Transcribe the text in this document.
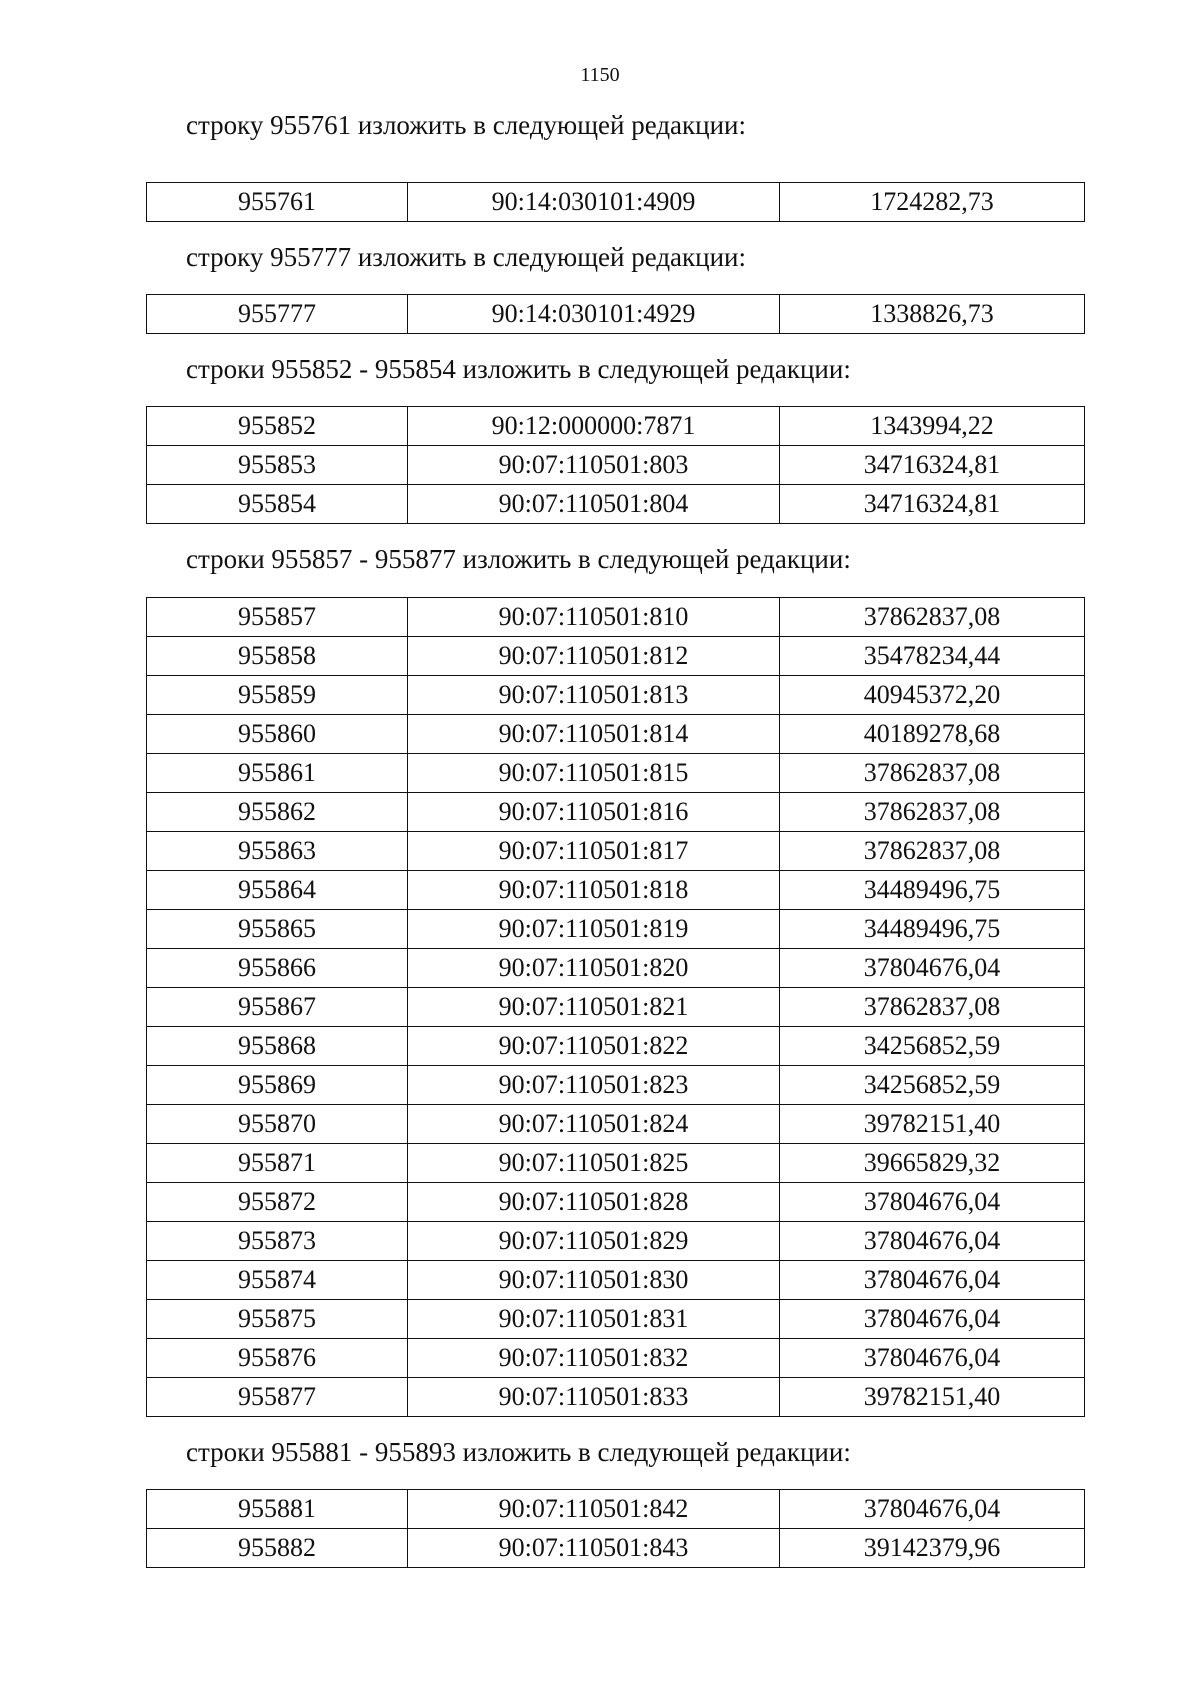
1150
строку 955761 изложить в следующей редакции:
955761	90:14:030101:4909	1724282,73
строку 955777 изложить в следующей редакции:
955777	90:14:030101:4929	1338826,73
строки 955852 - 955854 изложить в следующей редакции:
955852	90:12:000000:7871	1343994,22
955853	90:07:110501:803	34716324,81
955854	90:07:110501:804	34716324,81
строки 955857 - 955877 изложить в следующей редакции:
955857	90:07:110501:810	37862837,08
955858	90:07:110501:812	35478234,44
955859	90:07:110501:813	40945372,20
955860	90:07:110501:814	40189278,68
955861	90:07:110501:815	37862837,08
955862	90:07:110501:816	37862837,08
955863	90:07:110501:817	37862837,08
955864	90:07:110501:818	34489496,75
955865	90:07:110501:819	34489496,75
955866	90:07:110501:820	37804676,04
955867	90:07:110501:821	37862837,08
955868	90:07:110501:822	34256852,59
955869	90:07:110501:823	34256852,59
955870	90:07:110501:824	39782151,40
955871	90:07:110501:825	39665829,32
955872	90:07:110501:828	37804676,04
955873	90:07:110501:829	37804676,04
955874	90:07:110501:830	37804676,04
955875	90:07:110501:831	37804676,04
955876	90:07:110501:832	37804676,04
955877	90:07:110501:833	39782151,40
строки 955881 - 955893 изложить в следующей редакции:
955881	90:07:110501:842	37804676,04
955882	90:07:110501:843	39142379,96
